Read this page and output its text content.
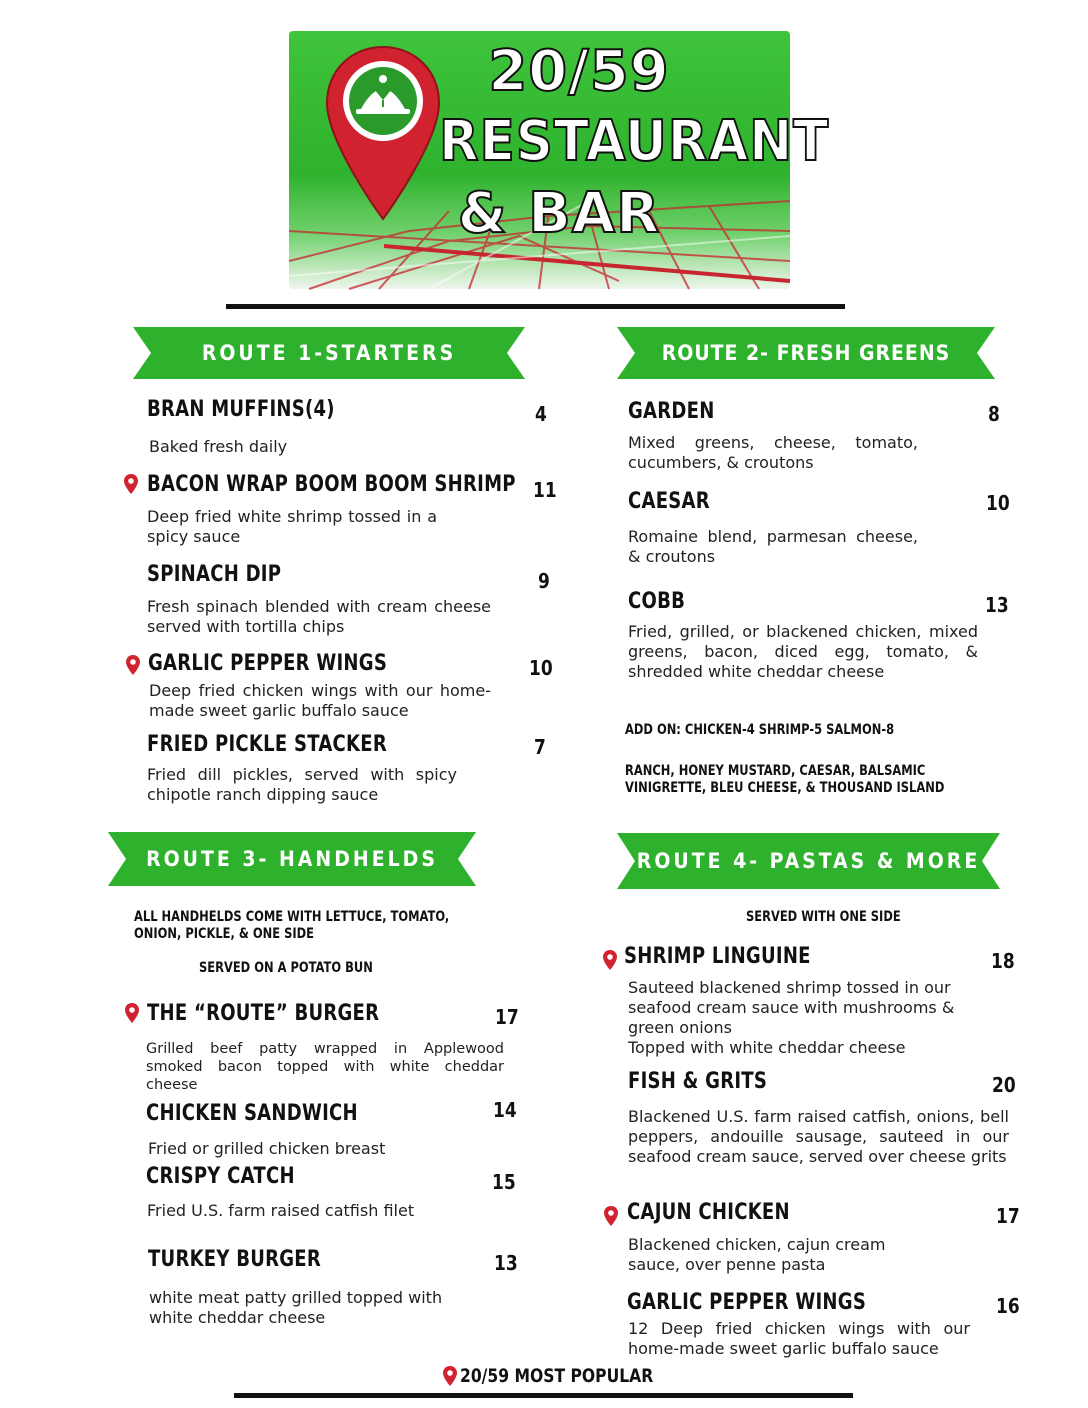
20/59
RESTAURANT
& BAR
ROUTE 1-STARTERS
BRAN MUFFINS(4)	4
Baked fresh daily
BACON WRAP BOOM BOOM SHRIMP 11
Deep fried white shrimp tossed in a spicy sauce
SPINACH DIP	9
Fresh spinach blended with cream cheese served with tortilla chips
GARLIC PEPPER WINGS	10
Deep fried chicken wings with our home-made sweet garlic buffalo sauce
FRIED PICKLE STACKER	7
Fried dill pickles, served with spicy chipotle ranch dipping sauce
ROUTE 2- FRESH GREENS
GARDEN	8
Mixed greens, cheese, tomato, cucumbers, & croutons
CAESAR	10
Romaine blend, parmesan cheese, & croutons
COBB	13
Fried, grilled, or blackened chicken, mixed greens, bacon, diced egg, tomato, & shredded white cheddar cheese
ADD ON: CHICKEN-4 SHRIMP-5 SALMON-8
RANCH, HONEY MUSTARD, CAESAR, BALSAMIC VINIGRETTE, BLEU CHEESE, & THOUSAND ISLAND
ROUTE 3- HANDHELDS
ALL HANDHELDS COME WITH LETTUCE, TOMATO, ONION, PICKLE, & ONE SIDE
SERVED ON A POTATO BUN
THE “ROUTE” BURGER	17
Grilled beef patty wrapped in Applewood smoked bacon topped with white cheddar cheese
CHICKEN SANDWICH	14
Fried or grilled chicken breast
CRISPY CATCH	15
Fried U.S. farm raised catfish filet
TURKEY BURGER	13
white meat patty grilled topped with white cheddar cheese
ROUTE 4- PASTAS & MORE
SERVED WITH ONE SIDE
SHRIMP LINGUINE	18
Sauteed blackened shrimp tossed in our seafood cream sauce with mushrooms & green onions
Topped with white cheddar cheese
FISH & GRITS	20
Blackened U.S. farm raised catfish, onions, bell peppers, andouille sausage, sauteed in our seafood cream sauce, served over cheese grits
CAJUN CHICKEN	17
Blackened chicken, cajun cream sauce, over penne pasta
GARLIC PEPPER WINGS	16
12 Deep fried chicken wings with our home-made sweet garlic buffalo sauce
20/59 MOST POPULAR
